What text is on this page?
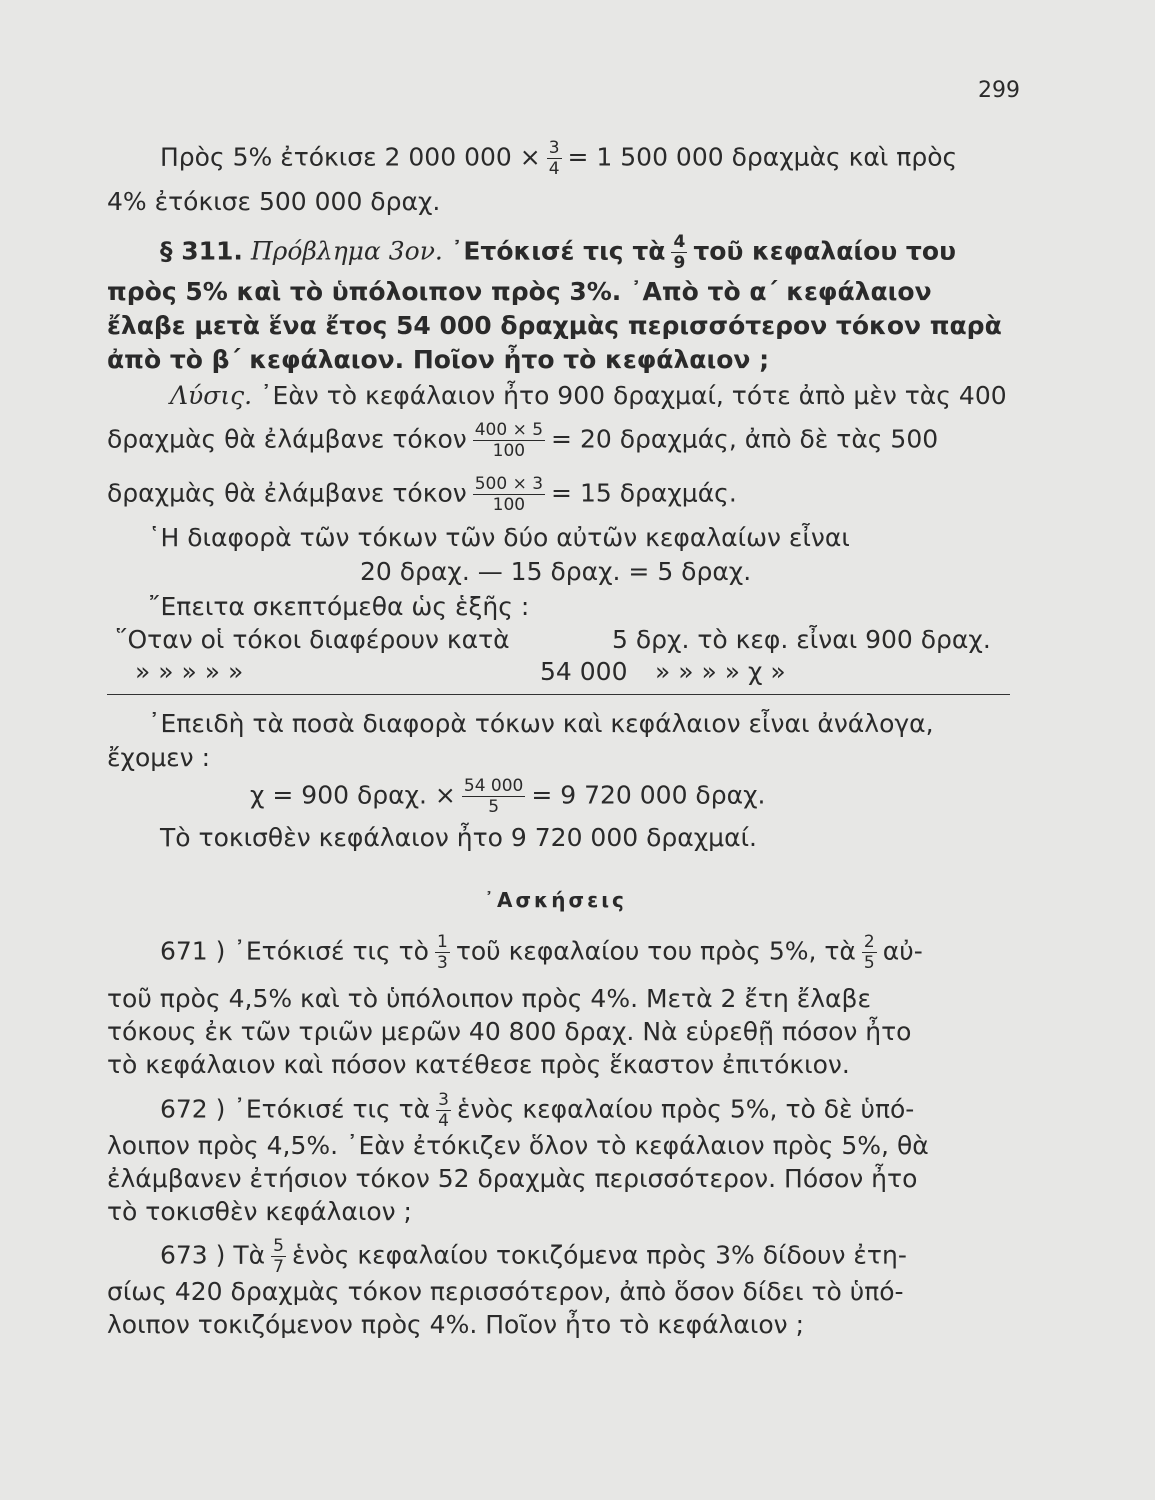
299
Πρὸς 5% ἐτόκισε 2 000 $000 \times \frac{3}{4} = 1$ 500 000 δραχμὰς καὶ πρὸς
4% ἐτόκισε 500 000 δραχ.
§ 311. Πρόβλημα 3ον. ᾿Ετόκισέ τις τὰ $\frac{4}{9}$ τοῦ κεφαλαίου του
πρὸς 5% καὶ τὸ ὑπόλοιπον πρὸς 3%. ᾿Απὸ τὸ α΄ κεφάλαιον
ἔλαβε μετὰ ἕνα ἔτος 54 000 δραχμὰς περισσότερον τόκον παρὰ
ἀπὸ τὸ β΄ κεφάλαιον. Ποῖον ἦτο τὸ κεφάλαιον ;
Λύσις. ᾿Εὰν τὸ κεφάλαιον ἦτο 900 δραχμαί, τότε ἀπὸ μὲν τὰς 400
δραχμὰς θὰ ἐλάμβανε τόκον $\frac{400 \times 5}{100} = 20$ δραχμάς, ἀπὸ δὲ τὰς 500
δραχμὰς θὰ ἐλάμβανε τόκον $\frac{500 \times 3}{100} = 15$ δραχμάς.
῾Η διαφορὰ τῶν τόκων τῶν δύο αὐτῶν κεφαλαίων εἶναι
20 δραχ. — 15 δραχ. = 5 δραχ.
῎Επειτα σκεπτόμεθα ὡς ἑξῆς :
῞Οταν οἱ τόκοι διαφέρουν κατὰ	5 δρχ. τὸ κεφ. εἶναι 900 δραχ.
» » » » »	54 000 » » » » χ »
᾿Επειδὴ τὰ ποσὰ διαφορὰ τόκων καὶ κεφάλαιον εἶναι ἀνάλογα,
ἔχομεν :
χ = 900 δραχ. × $\frac{54 000}{5} = 9$ 720 000 δραχ.
Τὸ τοκισθὲν κεφάλαιον ἦτο 9 720 000 δραχμαί.
᾿Ασκήσεις
671 ) ᾿Ετόκισέ τις τὸ $\frac{1}{3}$ τοῦ κεφαλαίου του πρὸς 5%, τὰ $\frac{2}{5}$ αὐ-
τοῦ πρὸς 4,5% καὶ τὸ ὑπόλοιπον πρὸς 4%. Μετὰ 2 ἔτη ἔλαβε
τόκους ἐκ τῶν τριῶν μερῶν 40 800 δραχ. Νὰ εὑρεθῇ πόσον ἦτο
τὸ κεφάλαιον καὶ πόσον κατέθεσε πρὸς ἕκαστον ἐπιτόκιον.
672 ) ᾿Ετόκισέ τις τὰ $\frac{3}{4}$ ἑνὸς κεφαλαίου πρὸς 5%, τὸ δὲ ὑπό-
λοιπον πρὸς 4,5%. ᾿Εὰν ἐτόκιζεν ὅλον τὸ κεφάλαιον πρὸς 5%, θὰ
ἐλάμβανεν ἐτήσιον τόκον 52 δραχμὰς περισσότερον. Πόσον ἦτο
τὸ τοκισθὲν κεφάλαιον ;
673 ) Τὰ $\frac{5}{7}$ ἑνὸς κεφαλαίου τοκιζόμενα πρὸς 3% δίδουν ἐτη-
σίως 420 δραχμὰς τόκον περισσότερον, ἀπὸ ὅσον δίδει τὸ ὑπό-
λοιπον τοκιζόμενον πρὸς 4%. Ποῖον ἦτο τὸ κεφάλαιον ;
